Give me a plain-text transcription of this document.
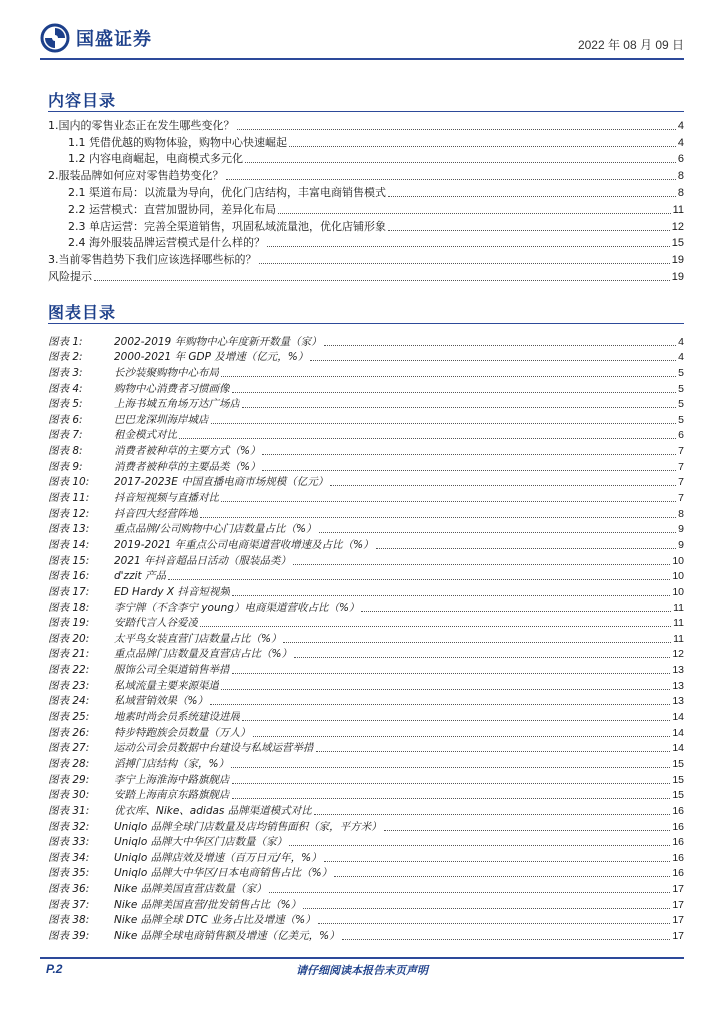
国盛证券	2022 年 08 月 09 日
内容目录
1.国内的零售业态正在发生哪些变化？	4
1.1 凭借优越的购物体验，购物中心快速崛起	4
1.2 内容电商崛起，电商模式多元化	6
2.服装品牌如何应对零售趋势变化？	8
2.1 渠道布局：以流量为导向，优化门店结构，丰富电商销售模式	8
2.2 运营模式：直营加盟协同，差异化布局	11
2.3 单店运营：完善全渠道销售，巩固私域流量池，优化店铺形象	12
2.4 海外服装品牌运营模式是什么样的？	15
3.当前零售趋势下我们应该选择哪些标的？	19
风险提示	19
图表目录
图表 1:	2002-2019 年购物中心年度新开数量（家）	4
图表 2:	2000-2021 年 GDP 及增速（亿元，%）	4
图表 3:	长沙装聚购物中心布局	5
图表 4:	购物中心消费者习惯画像	5
图表 5:	上海书城五角场万达广场店	5
图表 6:	巴巴龙深圳海岸城店	5
图表 7:	租金模式对比	6
图表 8:	消费者被种草的主要方式（%）	7
图表 9:	消费者被种草的主要品类（%）	7
图表 10:	2017-2023E 中国直播电商市场规模（亿元）	7
图表 11:	抖音短视频与直播对比	7
图表 12:	抖音四大经营阵地	8
图表 13:	重点品牌/公司购物中心门店数量占比（%）	9
图表 14:	2019-2021 年重点公司电商渠道营收增速及占比（%）	9
图表 15:	2021 年抖音超品日活动（服装品类）	10
图表 16:	d'zzit 产品	10
图表 17:	ED Hardy X 抖音短视频	10
图表 18:	李宁牌（不含李宁 young）电商渠道营收占比（%）	11
图表 19:	安踏代言人谷爱凌	11
图表 20:	太平鸟女装直营门店数量占比（%）	11
图表 21:	重点品牌门店数量及直营店占比（%）	12
图表 22:	服饰公司全渠道销售举措	13
图表 23:	私域流量主要来源渠道	13
图表 24:	私域营销效果（%）	13
图表 25:	地素时尚会员系统建设进展	14
图表 26:	特步特跑族会员数量（万人）	14
图表 27:	运动公司会员数据中台建设与私域运营举措	14
图表 28:	滔搏门店结构（家，%）	15
图表 29:	李宁上海淮海中路旗舰店	15
图表 30:	安踏上海南京东路旗舰店	15
图表 31:	优衣库、Nike、adidas 品牌渠道模式对比	16
图表 32:	Uniqlo 品牌全球门店数量及店均销售面积（家，平方米）	16
图表 33:	Uniqlo 品牌大中华区门店数量（家）	16
图表 34:	Uniqlo 品牌店效及增速（百万日元/年，%）	16
图表 35:	Uniqlo 品牌大中华区/日本电商销售占比（%）	16
图表 36:	Nike 品牌美国直营店数量（家）	17
图表 37:	Nike 品牌美国直营/批发销售占比（%）	17
图表 38:	Nike 品牌全球 DTC 业务占比及增速（%）	17
图表 39:	Nike 品牌全球电商销售额及增速（亿美元，%）	17
P.2	请仔细阅读本报告末页声明
